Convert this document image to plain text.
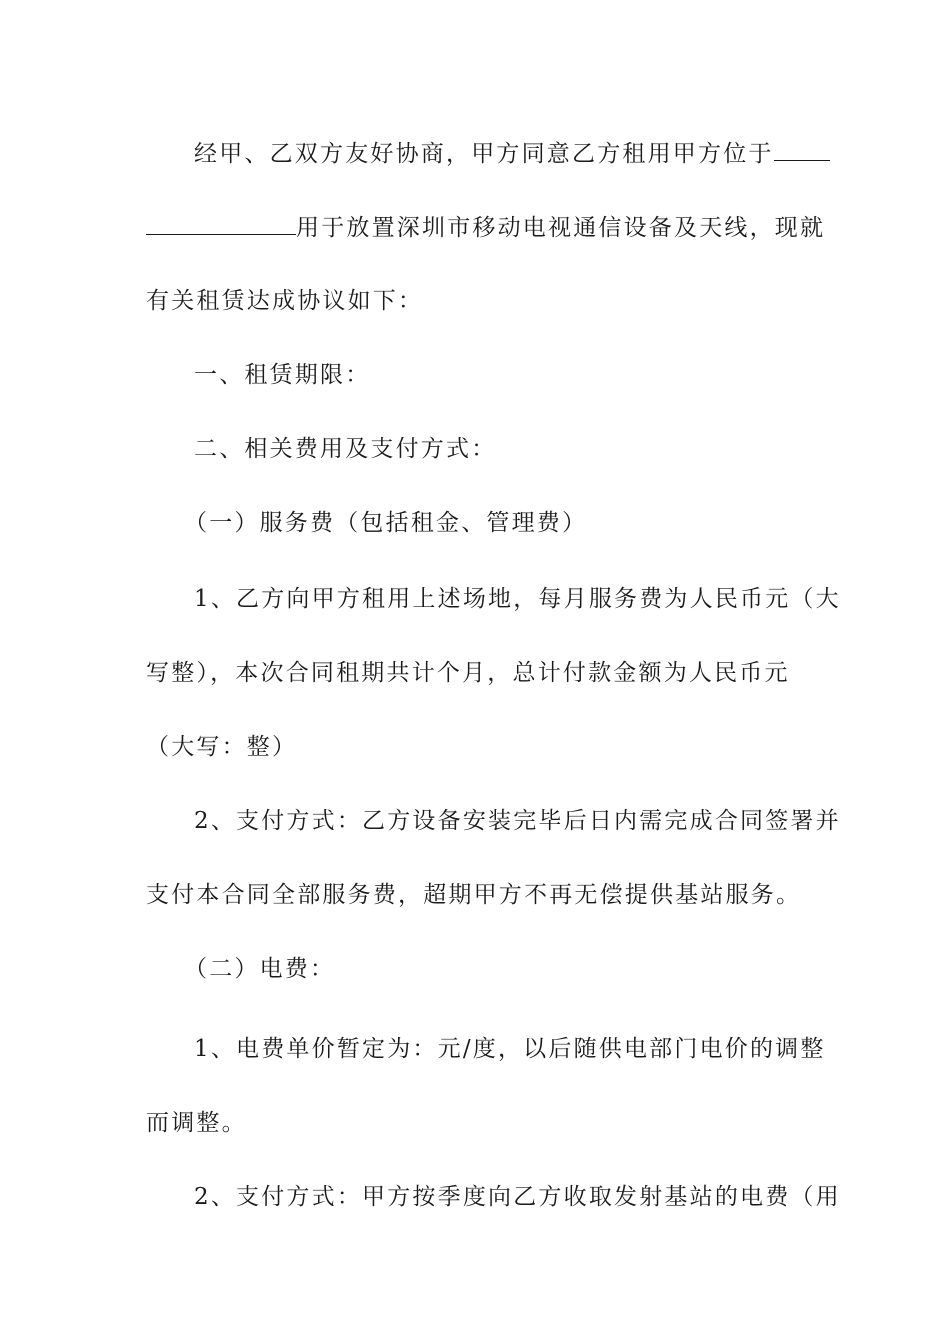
经甲、乙双方友好协商，甲方同意乙方租用甲方位于
用于放置深圳市移动电视通信设备及天线，现就
有关租赁达成协议如下：
一、租赁期限：
二、相关费用及支付方式：
（一）服务费（包括租金、管理费）
1、乙方向甲方租用上述场地，每月服务费为人民币元（大
写整），本次合同租期共计个月，总计付款金额为人民币元
（大写：整）
2、支付方式：乙方设备安装完毕后日内需完成合同签署并
支付本合同全部服务费，超期甲方不再无偿提供基站服务。
（二）电费：
1、电费单价暂定为：元/度，以后随供电部门电价的调整
而调整。
2、支付方式：甲方按季度向乙方收取发射基站的电费（用
